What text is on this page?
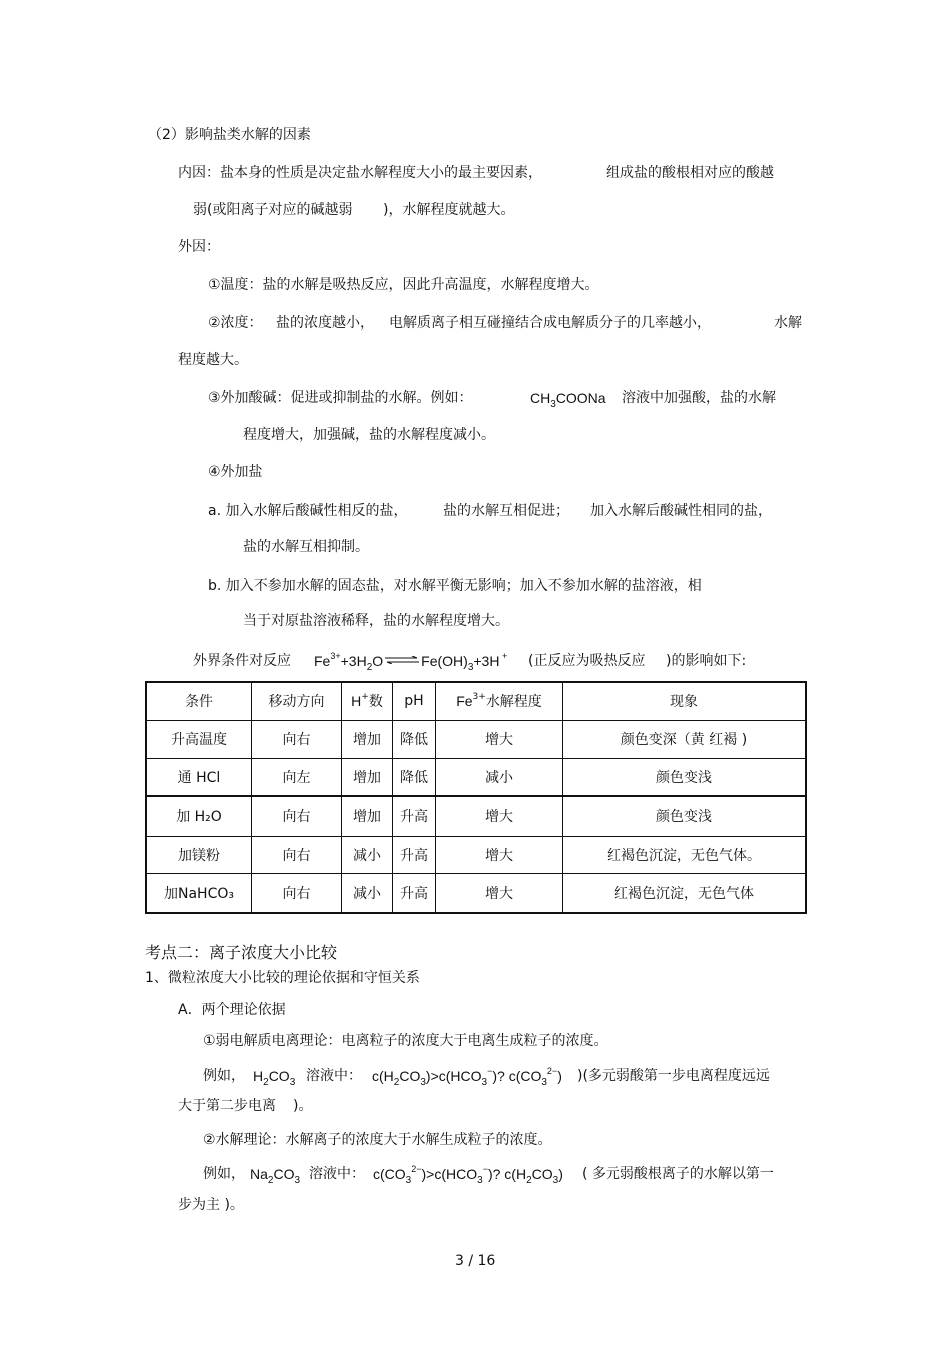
（2）影响盐类水解的因素
内因：盐本身的性质是决定盐水解程度大小的最主要因素，	组成盐的酸根相对应的酸越
弱(或阳离子对应的碱越弱 )，水解程度就越大。
外因：
①温度：盐的水解是吸热反应，因此升高温度，水解程度增大。
②浓度： 盐的浓度越小， 电解质离子相互碰撞结合成电解质分子的几率越小，	水解
程度越大。
③外加酸碱：促进或抑制盐的水解。例如：	$CH_3COONa$ 溶液中加强酸，盐的水解
程度增大，加强碱，盐的水解程度减小。
④外加盐
a. 加入水解后酸碱性相反的盐，	盐的水解互相促进； 加入水解后酸碱性相同的盐，
盐的水解互相抑制。
b. 加入不参加水解的固态盐，对水解平衡无影响；加入不参加水解的盐溶液，相
当于对原盐溶液稀释，盐的水解程度增大。
外界条件对反应 $Fe^{3+}+3H_2O$ ⇌ $Fe(OH)_3+3H$ + (正反应为吸热反应 )的影响如下:
条件	移动方向	H+数	pH	$Fe^{3+}$水解程度	现象
升高温度	向右	增加	降低	增大	颜色变深（黄 红褐 )
通 HCl	向左	增加	降低	减小	颜色变浅
加 H₂O	向右	增加	升高	增大	颜色变浅
加镁粉	向右	减小	升高	增大	红褐色沉淀，无色气体。
加NaHCO₃	向右	减小	升高	增大	红褐色沉淀，无色气体
考点二：离子浓度大小比较
1、微粒浓度大小比较的理论依据和守恒关系
A．两个理论依据
①弱电解质电离理论：电离粒子的浓度大于电离生成粒子的浓度。
例如， $H_2CO_3$ 溶液中： $c(H_2CO_3)>c(HCO_3^-)$? $c(CO_3^{2-})$ )(多元弱酸第一步电离程度远远
大于第二步电离 )。
②水解理论：水解离子的浓度大于水解生成粒子的浓度。
例如， $Na_2CO_3$ 溶液中： $c(CO_3^{2-})>c(HCO_3^-)$? $c(H_2CO_3)$ ( 多元弱酸根离子的水解以第一
步为主 )。
3 / 16
